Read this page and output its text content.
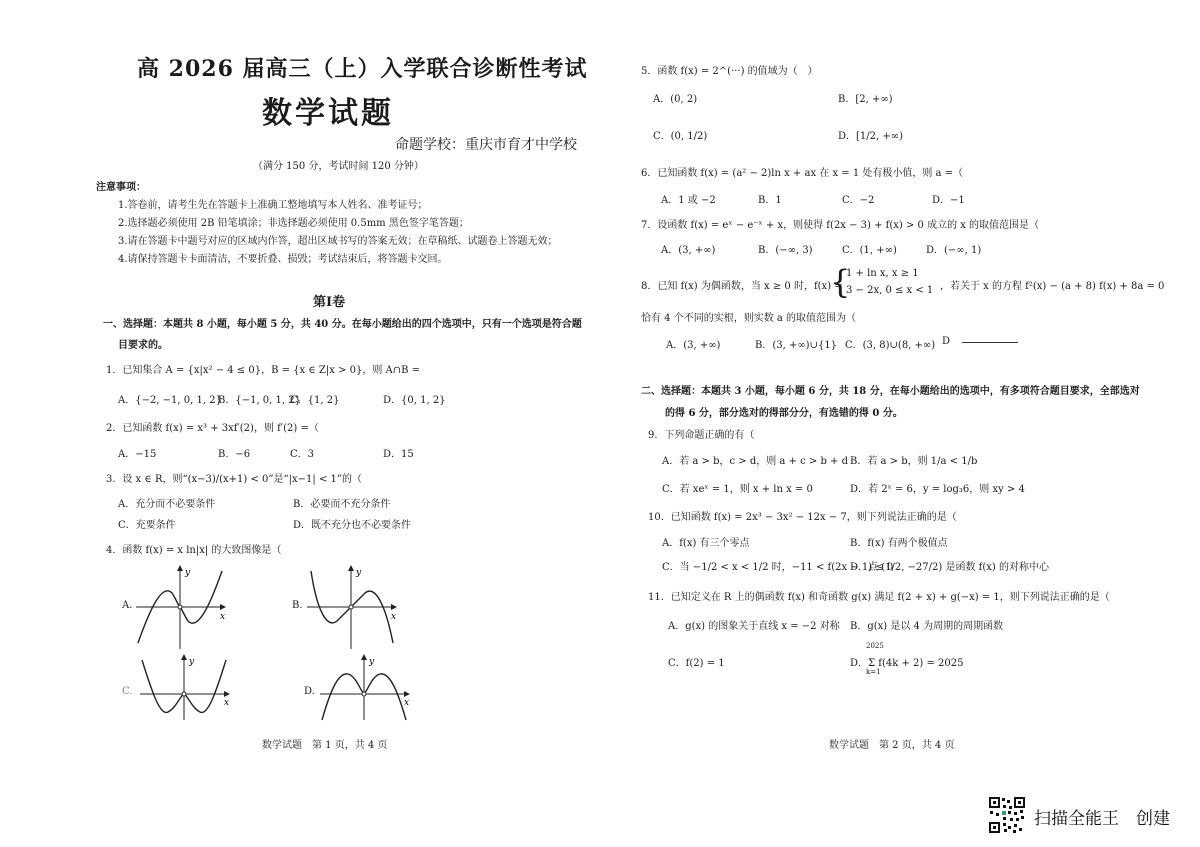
高 2026 届高三（上）入学联合诊断性考试
数学试题
命题学校：重庆市育才中学校
（满分 150 分，考试时间 120 分钟）
注意事项：
1.答卷前，请考生先在答题卡上准确工整地填写本人姓名、准考证号；
2.选择题必须使用 2B 铅笔填涂；非选择题必须使用 0.5mm 黑色签字笔答题；
3.请在答题卡中题号对应的区域内作答，超出区域书写的答案无效；在草稿纸、试题卷上答题无效；
4.请保持答题卡卡面清洁，不要折叠、损毁；考试结束后，将答题卡交回。
第Ⅰ卷
一、选择题：本题共 8 小题，每小题 5 分，共 40 分。在每小题给出的四个选项中，只有一个选项是符合题
目要求的。
1．已知集合 A = {x|x² − 4 ≤ 0}，B = {x ∈ Z|x > 0}，则 A∩B =
A．{−2, −1, 0, 1, 2}
B．{−1, 0, 1, 2}
C．{1, 2}	D．{0, 1, 2}
2．已知函数 f(x) = x³ + 3xf′(2)，则 f′(2) =（
A．−15	B．−6	C．3	D．15
3．设 x ∈ R，则“(x−3)/(x+1) < 0”是“|x−1| < 1”的（
A．充分而不必要条件	B．必要而不充分条件
C．充要条件	D．既不充分也不必要条件
4．函数 f(x) = x ln|x| 的大致图像是（
A.
y
x
B.
y
x
C.
y
x
D.
y
x
数学试题　第 1 页，共 4 页
5．函数 f(x) = 2^(···) 的值域为（　）
A．(0, 2)	B．[2, +∞)
C．(0, 1/2)	D．[1/2, +∞)
6．已知函数 f(x) = (a² − 2)ln x + ax 在 x = 1 处有极小值，则 a =（
A．1 或 −2	B．1	C．−2	D．−1
7．设函数 f(x) = eˣ − e⁻ˣ + x，则使得 f(2x − 3) + f(x) > 0 成立的 x 的取值范围是（
A．(3, +∞)	B．(−∞, 3)	C．(1, +∞)	D．(−∞, 1)
8．已知 f(x) 为偶函数，当 x ≥ 0 时，f(x) =
{
1 + ln x, x ≥ 1
3 − 2x, 0 ≤ x < 1 ，若关于 x 的方程 f²(x) − (a + 8) f(x) + 8a = 0
恰有 4 个不同的实根，则实数 a 的取值范围为（
A．(3, +∞)	B．(3, +∞)∪{1} C．(3, 8)∪(8, +∞) D
二、选择题：本题共 3 小题，每小题 6 分，共 18 分，在每小题给出的选项中，有多项符合题目要求，全部选对
的得 6 分，部分选对的得部分分，有选错的得 0 分。
9．下列命题正确的有（
A．若 a > b，c > d，则 a + c > b + d B．若 a > b，则 1/a < 1/b
C．若 xeˣ = 1，则 x + ln x = 0	D．若 2ˣ = 6，y = log₃6，则 xy > 4
10．已知函数 f(x) = 2x³ − 3x² − 12x − 7，则下列说法正确的是（
A．f(x) 有三个零点	B．f(x) 有两个极值点
C．当 −1/2 < x < 1/2 时，−11 < f(2x − 1) ≤ 0
D．点 (1/2, −27/2) 是函数 f(x) 的对称中心
11．已知定义在 R 上的偶函数 f(x) 和奇函数 g(x) 满足 f(2 + x) + g(−x) = 1，则下列说法正确的是（
A．g(x) 的图象关于直线 x = −2 对称 B．g(x) 是以 4 为周期的周期函数
C．f(2) = 1	D．Σ f(4k + 2) = 2025
2025
k=1
数学试题　第 2 页，共 4 页
扫描全能王　创建
